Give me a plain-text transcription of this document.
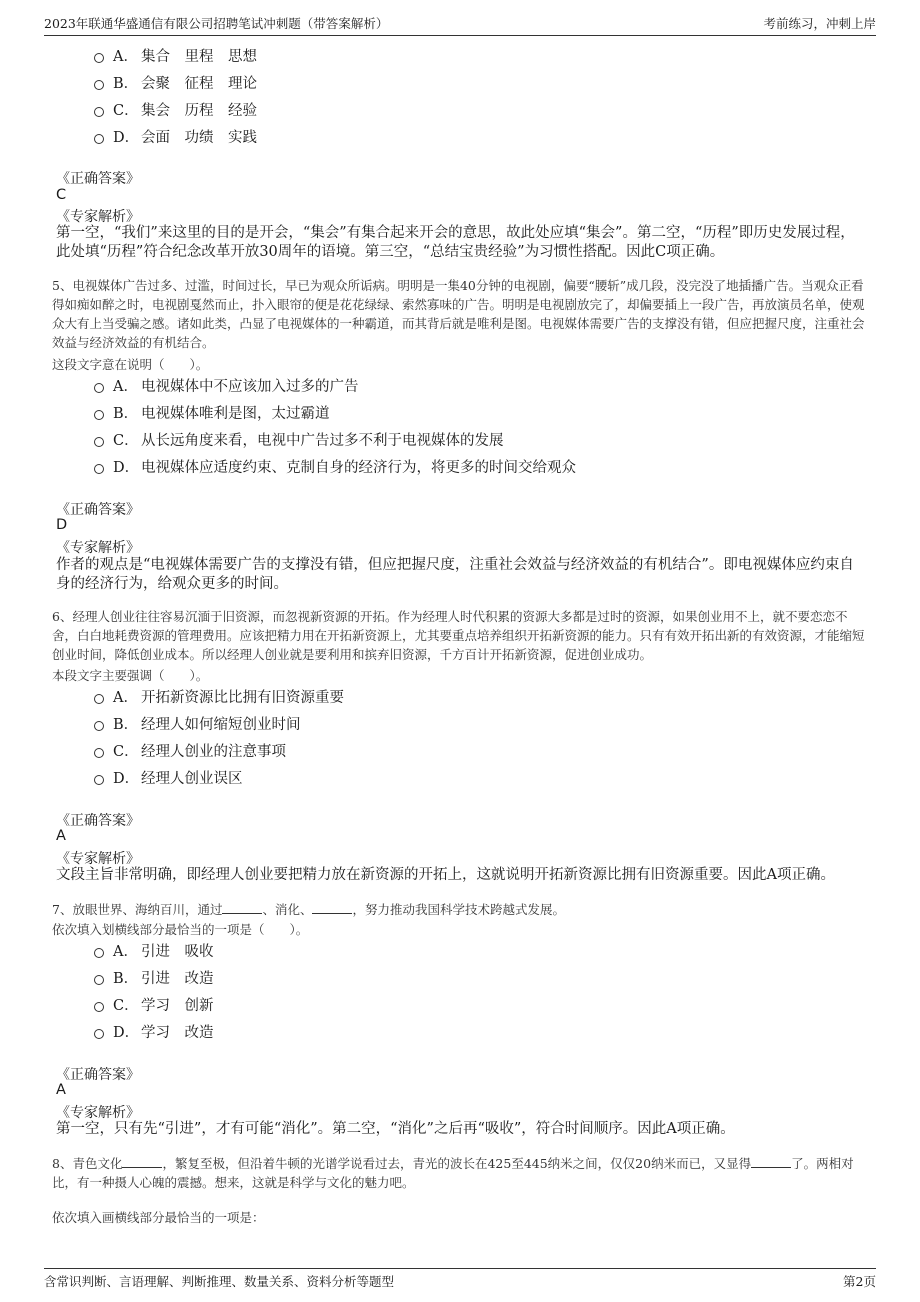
2023年联通华盛通信有限公司招聘笔试冲刺题（带答案解析）	考前练习，冲刺上岸
A． 集合　里程　思想
B． 会聚　征程　理论
C． 集会　历程　经验
D． 会面　功绩　实践
《正确答案》
C
《专家解析》
第一空，“我们”来这里的目的是开会，“集会”有集合起来开会的意思，故此处应填“集会”。第二空，“历程”即历史发展过程，此处填“历程”符合纪念改革开放30周年的语境。第三空，“总结宝贵经验”为习惯性搭配。因此C项正确。
5、电视媒体广告过多、过滥，时间过长，早已为观众所诟病。明明是一集40分钟的电视剧，偏要“腰斩”成几段，没完没了地插播广告。当观众正看得如痴如醉之时，电视剧戛然而止，扑入眼帘的便是花花绿绿、索然寡味的广告。明明是电视剧放完了，却偏要插上一段广告，再放演员名单，使观众大有上当受骗之感。诸如此类，凸显了电视媒体的一种霸道，而其背后就是唯利是图。电视媒体需要广告的支撑没有错，但应把握尺度，注重社会效益与经济效益的有机结合。
这段文字意在说明（　　）。
A． 电视媒体中不应该加入过多的广告
B． 电视媒体唯利是图，太过霸道
C． 从长远角度来看，电视中广告过多不利于电视媒体的发展
D． 电视媒体应适度约束、克制自身的经济行为，将更多的时间交给观众
《正确答案》
D
《专家解析》
作者的观点是“电视媒体需要广告的支撑没有错，但应把握尺度，注重社会效益与经济效益的有机结合”。即电视媒体应约束自身的经济行为，给观众更多的时间。
6、经理人创业往往容易沉湎于旧资源，而忽视新资源的开拓。作为经理人时代积累的资源大多都是过时的资源，如果创业用不上，就不要恋恋不舍，白白地耗费资源的管理费用。应该把精力用在开拓新资源上，尤其要重点培养组织开拓新资源的能力。只有有效开拓出新的有效资源，才能缩短创业时间，降低创业成本。所以经理人创业就是要利用和摈弃旧资源，千方百计开拓新资源，促进创业成功。
本段文字主要强调（　　）。
A． 开拓新资源比比拥有旧资源重要
B． 经理人如何缩短创业时间
C． 经理人创业的注意事项
D． 经理人创业误区
《正确答案》
A
《专家解析》
文段主旨非常明确，即经理人创业要把精力放在新资源的开拓上，这就说明开拓新资源比拥有旧资源重要。因此A项正确。
7、放眼世界、海纳百川，通过	、消化、	，努力推动我国科学技术跨越式发展。
依次填入划横线部分最恰当的一项是（　　）。
A． 引进　吸收
B． 引进　改造
C． 学习　创新
D． 学习　改造
《正确答案》
A
《专家解析》
第一空，只有先“引进”，才有可能“消化”。第二空，“消化”之后再“吸收”，符合时间顺序。因此A项正确。
8、青色文化	，繁复至极，但沿着牛顿的光谱学说看过去，青光的波长在425至445纳米之间，仅仅20纳米而已，又显得	了。两相对比，有一种摄人心魄的震撼。想来，这就是科学与文化的魅力吧。
依次填入画横线部分最恰当的一项是：
含常识判断、言语理解、判断推理、数量关系、资料分析等题型	第2页
